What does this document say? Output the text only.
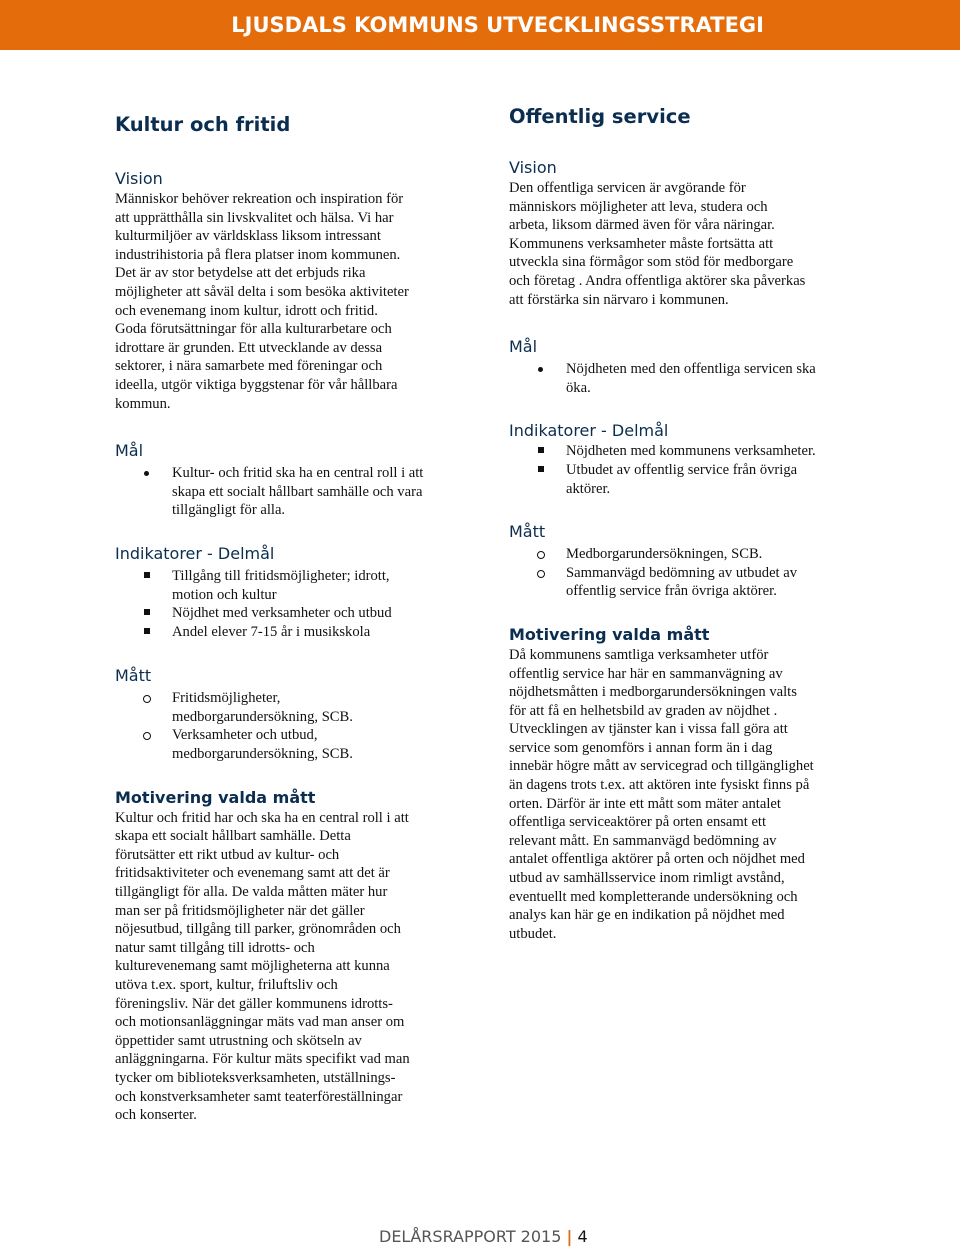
LJUSDALS KOMMUNS UTVECKLINGSSTRATEGI
Kultur och fritid
Vision

Människor behöver rekreation och inspiration för

att upprätthålla sin livskvalitet och hälsa. Vi har

kulturmiljöer av världsklass liksom intressant

industrihistoria på flera platser inom kommunen.

Det är av stor betydelse att det erbjuds rika

möjligheter att såväl delta i som besöka aktiviteter

och evenemang inom kultur, idrott och fritid.

Goda förutsättningar för alla kulturarbetare och

idrottare är grunden. Ett utvecklande av dessa

sektorer, i nära samarbete med föreningar och

ideella, utgör viktiga byggstenar för vår hållbara

kommun.

Mål
Kultur- och fritid ska ha en central roll i att
skapa ett socialt hållbart samhälle och vara
tillgängligt för alla.
Indikatorer - Delmål
Tillgång till fritidsmöjligheter; idrott,
motion och kultur
Nöjdhet med verksamheter och utbud
Andel elever 7-15 år i musikskola
Mått
Fritidsmöjligheter,
medborgarundersökning, SCB.
Verksamheter och utbud,
medborgarundersökning, SCB.
Motivering valda mått

Kultur och fritid har och ska ha en central roll i att

skapa ett socialt hållbart samhälle. Detta

förutsätter ett rikt utbud av kultur- och

fritidsaktiviteter och evenemang samt att det är

tillgängligt för alla. De valda måtten mäter hur

man ser på fritidsmöjligheter när det gäller

nöjesutbud, tillgång till parker, grönområden och

natur samt tillgång till idrotts- och

kulturevenemang samt möjligheterna att kunna

utöva t.ex. sport, kultur, friluftsliv och

föreningsliv. När det gäller kommunens idrotts-

och motionsanläggningar mäts vad man anser om

öppettider samt utrustning och skötseln av

anläggningarna. För kultur mäts specifikt vad man

tycker om biblioteksverksamheten, utställnings-

och konstverksamheter samt teaterföreställningar

och konserter.

Offentlig service
Vision

Den offentliga servicen är avgörande för

människors möjligheter att leva, studera och

arbeta, liksom därmed även för våra näringar.

Kommunens verksamheter måste fortsätta att

utveckla sina förmågor som stöd för medborgare

och företag . Andra offentliga aktörer ska påverkas

att förstärka sin närvaro i kommunen.

Mål
Nöjdheten med den offentliga servicen ska
öka.
Indikatorer - Delmål
Nöjdheten med kommunens verksamheter.
Utbudet av offentlig service från övriga
aktörer.
Mått
Medborgarundersökningen, SCB.
Sammanvägd bedömning av utbudet av
offentlig service från övriga aktörer.
Motivering valda mått

Då kommunens samtliga verksamheter utför

offentlig service har här en sammanvägning av

nöjdhetsmåtten i medborgarundersökningen valts

för att få en helhetsbild av graden av nöjdhet .

Utvecklingen av tjänster kan i vissa fall göra att

service som genomförs i annan form än i dag

innebär högre mått av servicegrad och tillgänglighet

än dagens trots t.ex. att aktören inte fysiskt finns på

orten. Därför är inte ett mått som mäter antalet

offentliga serviceaktörer på orten ensamt ett

relevant mått. En sammanvägd bedömning av

antalet offentliga aktörer på orten och nöjdhet med

utbud av samhällsservice inom rimligt avstånd,

eventuellt med kompletterande undersökning och

analys kan här ge en indikation på nöjdhet med

utbudet.

DELÅRSRAPPORT 2015 | 4
